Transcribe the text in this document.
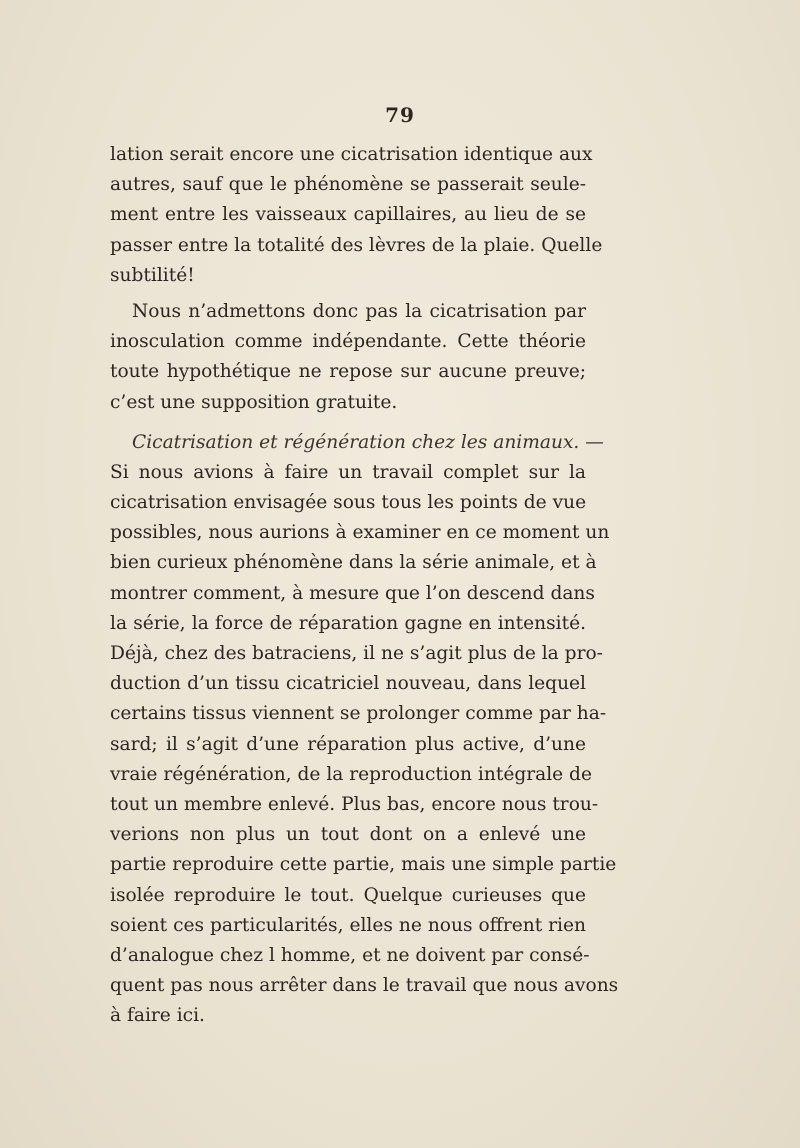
79
lation serait encore une cicatrisation identique aux
autres, sauf que le phénomène se passerait seule-
ment entre les vaisseaux capillaires, au lieu de se
passer entre la totalité des lèvres de la plaie. Quelle
subtilité!
Nous n’admettons donc pas la cicatrisation par
inosculation comme indépendante. Cette théorie
toute hypothétique ne repose sur aucune preuve;
c’est une supposition gratuite.
Cicatrisation et régénération chez les animaux. —
Si nous avions à faire un travail complet sur la
cicatrisation envisagée sous tous les points de vue
possibles, nous aurions à examiner en ce moment un
bien curieux phénomène dans la série animale, et à
montrer comment, à mesure que l’on descend dans
la série, la force de réparation gagne en intensité.
Déjà, chez des batraciens, il ne s’agit plus de la pro-
duction d’un tissu cicatriciel nouveau, dans lequel
certains tissus viennent se prolonger comme par ha-
sard; il s’agit d’une réparation plus active, d’une
vraie régénération, de la reproduction intégrale de
tout un membre enlevé. Plus bas, encore nous trou-
verions non plus un tout dont on a enlevé une
partie reproduire cette partie, mais une simple partie
isolée reproduire le tout. Quelque curieuses que
soient ces particularités, elles ne nous offrent rien
d’analogue chez l homme, et ne doivent par consé-
quent pas nous arrêter dans le travail que nous avons
à faire ici.
